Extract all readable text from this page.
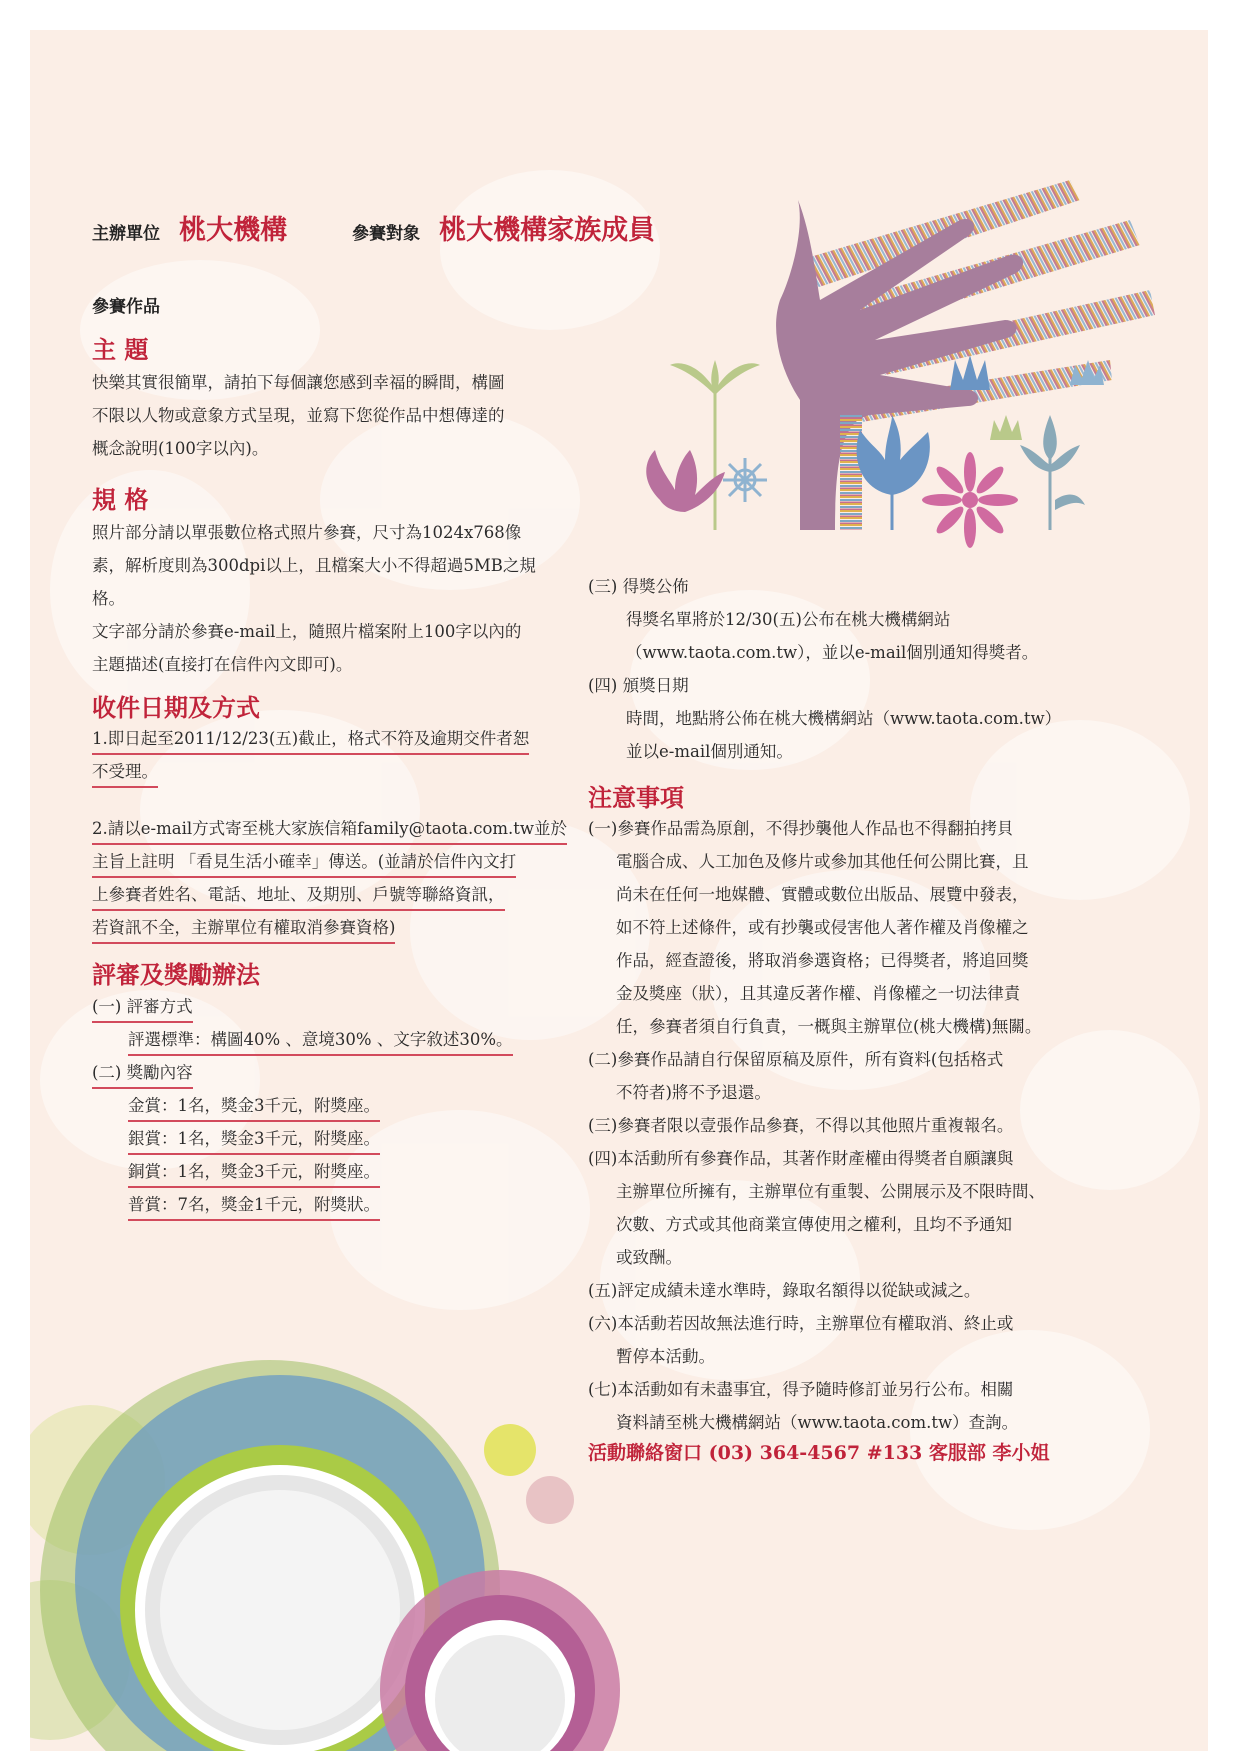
主辦單位 桃大機構	參賽對象 桃大機構家族成員
參賽作品
主 題
快樂其實很簡單，請拍下每個讓您感到幸福的瞬間，構圖
不限以人物或意象方式呈現，並寫下您從作品中想傳達的
概念說明(100字以內)。
規 格
照片部分請以單張數位格式照片參賽，尺寸為1024x768像
素，解析度則為300dpi以上，且檔案大小不得超過5MB之規
格。
文字部分請於參賽e-mail上，隨照片檔案附上100字以內的
主題描述(直接打在信件內文即可)。
收件日期及方式
1.即日起至2011/12/23(五)截止，格式不符及逾期交件者恕
不受理。
2.請以e-mail方式寄至桃大家族信箱family@taota.com.tw並於
主旨上註明 「看見生活小確幸」傳送。(並請於信件內文打
上參賽者姓名、電話、地址、及期別、戶號等聯絡資訊，
若資訊不全，主辦單位有權取消參賽資格)
評審及獎勵辦法
(一) 評審方式
評選標準：構圖40% 、意境30% 、文字敘述30%。
(二) 獎勵內容
金賞：1名，獎金3千元，附獎座。
銀賞：1名，獎金3千元，附獎座。
銅賞：1名，獎金3千元，附獎座。
普賞：7名，獎金1千元，附獎狀。
(三) 得獎公佈
得獎名單將於12/30(五)公布在桃大機構網站
（www.taota.com.tw），並以e-mail個別通知得獎者。
(四) 頒獎日期
時間，地點將公佈在桃大機構網站（www.taota.com.tw）
並以e-mail個別通知。
注意事項
(一)參賽作品需為原創，不得抄襲他人作品也不得翻拍拷貝
電腦合成、人工加色及修片或參加其他任何公開比賽，且
尚未在任何一地媒體、實體或數位出版品、展覽中發表，
如不符上述條件，或有抄襲或侵害他人著作權及肖像權之
作品，經查證後，將取消參選資格；已得獎者，將追回獎
金及獎座（狀），且其違反著作權、肖像權之一切法律責
任，參賽者須自行負責，一概與主辦單位(桃大機構)無關。
(二)參賽作品請自行保留原稿及原件，所有資料(包括格式
不符者)將不予退還。
(三)參賽者限以壹張作品參賽，不得以其他照片重複報名。
(四)本活動所有參賽作品，其著作財產權由得獎者自願讓與
主辦單位所擁有，主辦單位有重製、公開展示及不限時間、
次數、方式或其他商業宣傳使用之權利，且均不予通知
或致酬。
(五)評定成績未達水準時，錄取名額得以從缺或減之。
(六)本活動若因故無法進行時，主辦單位有權取消、終止或
暫停本活動。
(七)本活動如有未盡事宜，得予隨時修訂並另行公布。相關
資料請至桃大機構網站（www.taota.com.tw）查詢。
活動聯絡窗口 (03) 364-4567 #133 客服部 李小姐
